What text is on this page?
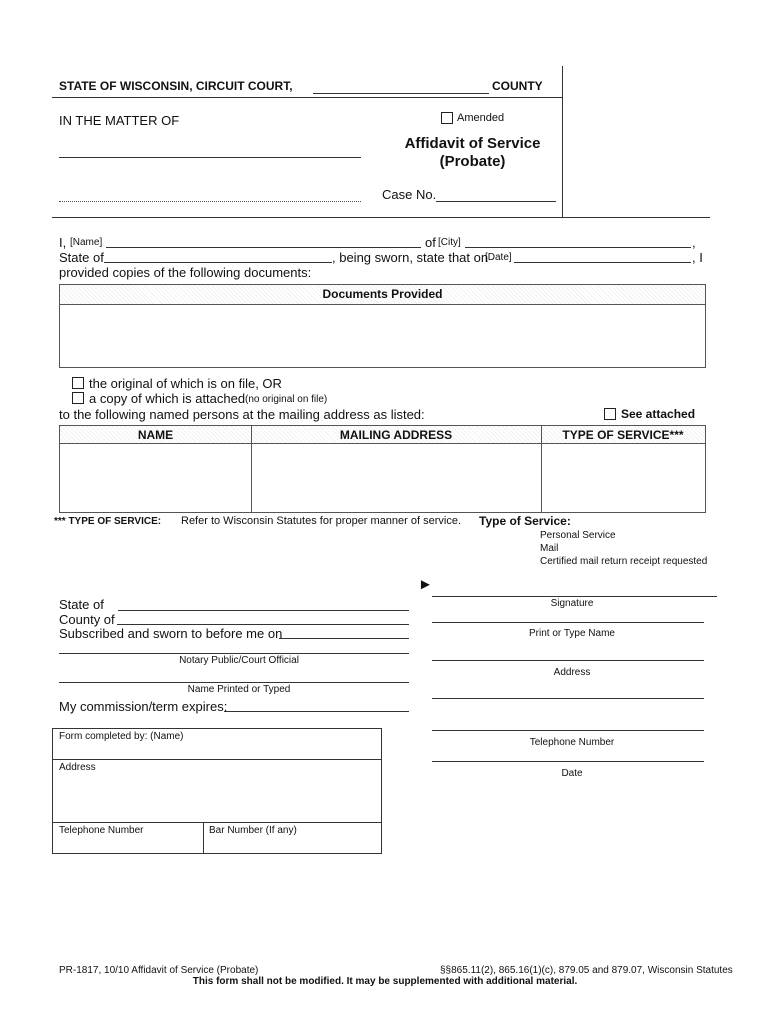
STATE OF WISCONSIN, CIRCUIT COURT,	COUNTY
IN THE MATTER OF	Amended
Affidavit of Service
(Probate)
Case No.
I, [Name]	of [City]	,
State of	, being sworn, state that on
[Date]	, I
provided copies of the following documents:
Documents Provided
the original of which is on file, OR
a copy of which is attached (no original on file)
to the following named persons at the mailing address as listed:	See attached
NAME	MAILING ADDRESS	TYPE OF SERVICE***
*** TYPE OF SERVICE: Refer to Wisconsin Statutes for proper manner of service. Type of Service:
Personal Service
Mail
Certified mail return receipt requested
State of
County of
Subscribed and sworn to before me on
Notary Public/Court Official
Name Printed or Typed
My commission/term expires:
►
Signature
Print or Type Name
Address
Telephone Number
Date
Form completed by: (Name)
Address
Telephone Number	Bar Number (If any)
PR-1817, 10/10 Affidavit of Service (Probate)	§§865.11(2), 865.16(1)(c), 879.05 and 879.07, Wisconsin Statutes
This form shall not be modified. It may be supplemented with additional material.
